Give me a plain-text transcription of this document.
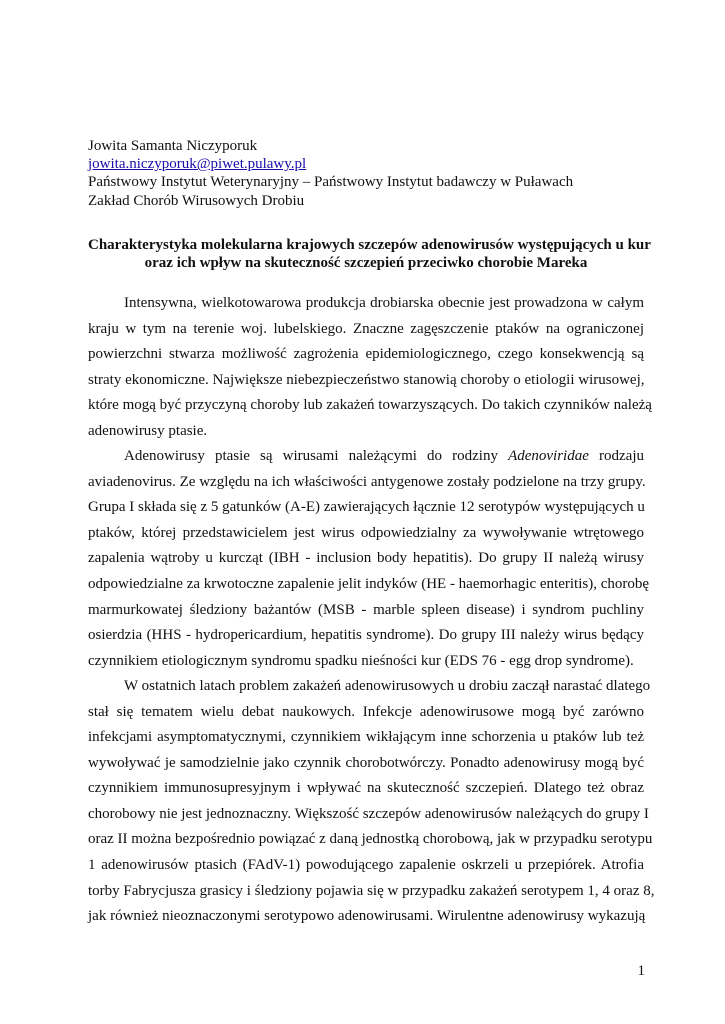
Jowita Samanta Niczyporuk
jowita.niczyporuk@piwet.pulawy.pl
Państwowy Instytut Weterynaryjny – Państwowy Instytut badawczy w Puławach
Zakład Chorób Wirusowych Drobiu
Charakterystyka molekularna krajowych szczepów adenowirusów występujących u kur
oraz ich wpływ na skuteczność szczepień przeciwko chorobie Mareka
Intensywna, wielkotowarowa produkcja drobiarska obecnie jest prowadzona w całym
kraju w tym na terenie woj. lubelskiego. Znaczne zagęszczenie ptaków na ograniczonej
powierzchni stwarza możliwość zagrożenia epidemiologicznego, czego konsekwencją są
straty ekonomiczne. Największe niebezpieczeństwo stanowią choroby o etiologii wirusowej,
które mogą być przyczyną choroby lub zakażeń towarzyszących. Do takich czynników należą
adenowirusy ptasie.
Adenowirusy ptasie są wirusami należącymi do rodziny Adenoviridae rodzaju
aviadenovirus. Ze względu na ich właściwości antygenowe zostały podzielone na trzy grupy.
Grupa I składa się z 5 gatunków (A-E) zawierających łącznie 12 serotypów występujących u
ptaków, której przedstawicielem jest wirus odpowiedzialny za wywoływanie wtrętowego
zapalenia wątroby u kurcząt (IBH - inclusion body hepatitis). Do grupy II należą wirusy
odpowiedzialne za krwotoczne zapalenie jelit indyków (HE - haemorhagic enteritis), chorobę
marmurkowatej śledziony bażantów (MSB - marble spleen disease) i syndrom puchliny
osierdzia (HHS - hydropericardium, hepatitis syndrome). Do grupy III należy wirus będący
czynnikiem etiologicznym syndromu spadku nieśności kur (EDS 76 - egg drop syndrome).
W ostatnich latach problem zakażeń adenowirusowych u drobiu zaczął narastać dlatego
stał się tematem wielu debat naukowych. Infekcje adenowirusowe mogą być zarówno
infekcjami asymptomatycznymi, czynnikiem wikłającym inne schorzenia u ptaków lub też
wywoływać je samodzielnie jako czynnik chorobotwórczy. Ponadto adenowirusy mogą być
czynnikiem immunosupresyjnym i wpływać na skuteczność szczepień. Dlatego też obraz
chorobowy nie jest jednoznaczny. Większość szczepów adenowirusów należących do grupy I
oraz II można bezpośrednio powiązać z daną jednostką chorobową, jak w przypadku serotypu
1 adenowirusów ptasich (FAdV-1) powodującego zapalenie oskrzeli u przepiórek. Atrofia
torby Fabrycjusza grasicy i śledziony pojawia się w przypadku zakażeń serotypem 1, 4 oraz 8,
jak również nieoznaczonymi serotypowo adenowirusami. Wirulentne adenowirusy wykazują
1
